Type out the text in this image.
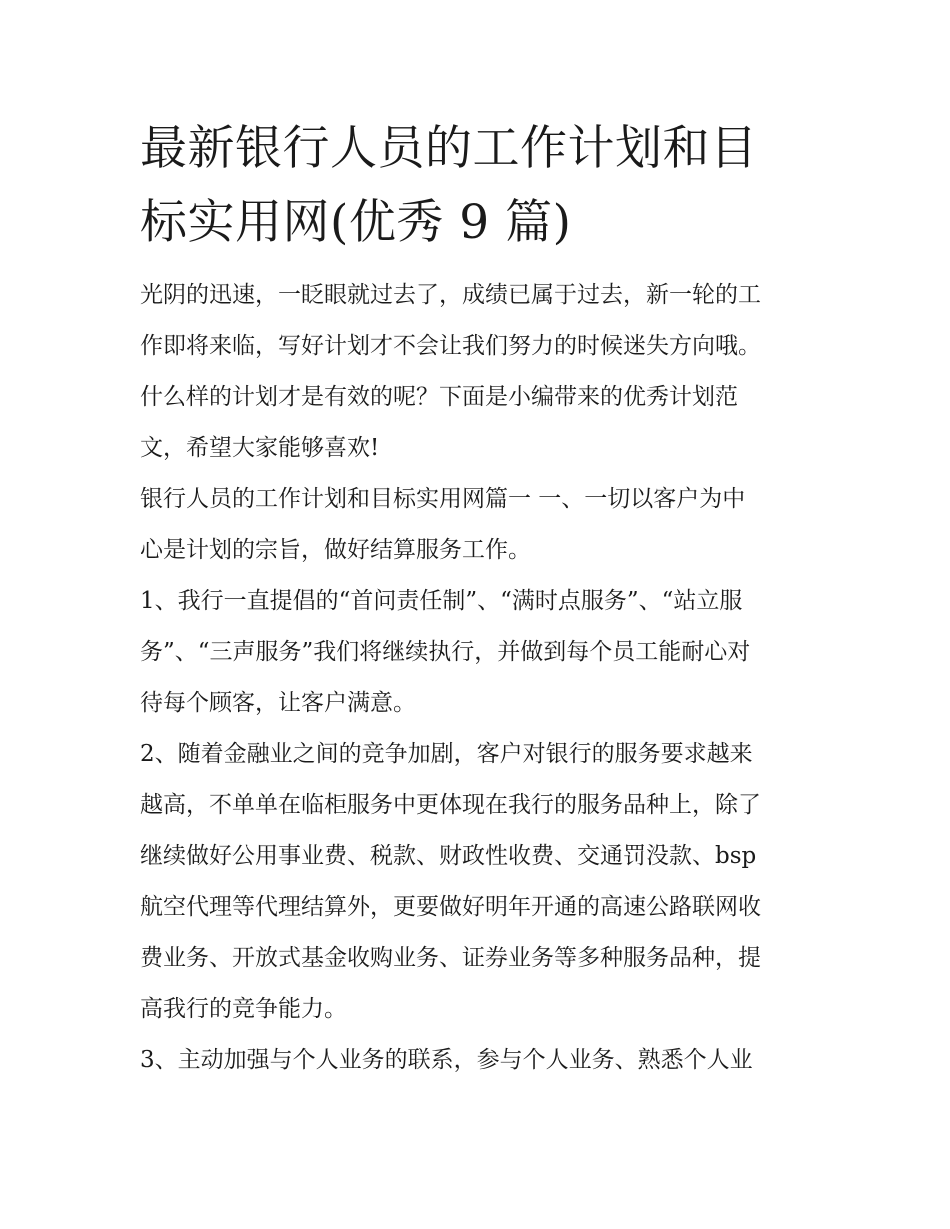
最新银行人员的工作计划和目
标实用网(优秀 9 篇)

光阴的迅速，一眨眼就过去了，成绩已属于过去，新一轮的工
作即将来临，写好计划才不会让我们努力的时候迷失方向哦。
什么样的计划才是有效的呢？下面是小编带来的优秀计划范
文，希望大家能够喜欢!

银行人员的工作计划和目标实用网篇一 一、一切以客户为中
心是计划的宗旨，做好结算服务工作。

1、我行一直提倡的“首问责任制”、“满时点服务”、“站立服
务”、“三声服务”我们将继续执行，并做到每个员工能耐心对
待每个顾客，让客户满意。

2、随着金融业之间的竞争加剧，客户对银行的服务要求越来
越高，不单单在临柜服务中更体现在我行的服务品种上，除了
继续做好公用事业费、税款、财政性收费、交通罚没款、bsp
航空代理等代理结算外，更要做好明年开通的高速公路联网收
费业务、开放式基金收购业务、证券业务等多种服务品种，提
高我行的竞争能力。

3、主动加强与个人业务的联系，参与个人业务、熟悉个人业
